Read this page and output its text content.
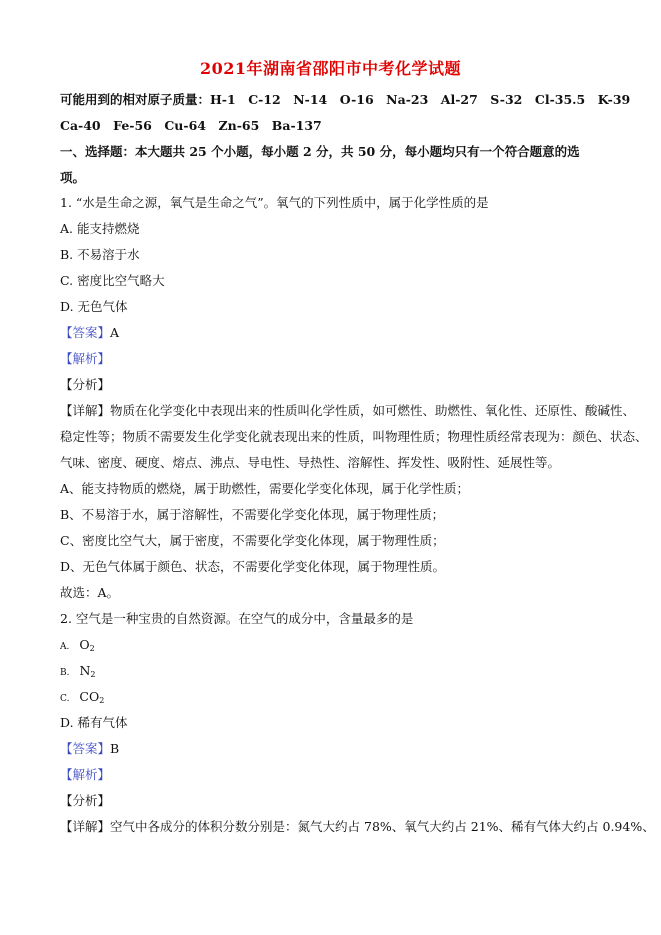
2021年湖南省邵阳市中考化学试题
可能用到的相对原子质量：H-1　C-12　N-14　O-16　Na-23　Al-27　S-32　Cl-35.5　K-39
Ca-40　Fe-56　Cu-64　Zn-65　Ba-137
一、选择题：本大题共 25 个小题，每小题 2 分，共 50 分，每小题均只有一个符合题意的选
项。
1. “水是生命之源，氧气是生命之气”。氧气的下列性质中，属于化学性质的是
A. 能支持燃烧
B. 不易溶于水
C. 密度比空气略大
D. 无色气体
【答案】A
【解析】
【分析】
【详解】物质在化学变化中表现出来的性质叫化学性质，如可燃性、助燃性、氧化性、还原性、酸碱性、
稳定性等；物质不需要发生化学变化就表现出来的性质，叫物理性质；物理性质经常表现为：颜色、状态、
气味、密度、硬度、熔点、沸点、导电性、导热性、溶解性、挥发性、吸附性、延展性等。
A、能支持物质的燃烧，属于助燃性，需要化学变化体现，属于化学性质；
B、不易溶于水，属于溶解性，不需要化学变化体现，属于物理性质；
C、密度比空气大，属于密度，不需要化学变化体现，属于物理性质；
D、无色气体属于颜色、状态，不需要化学变化体现，属于物理性质。
故选：A。
2. 空气是一种宝贵的自然资源。在空气的成分中，含量最多的是
A. $O_2$
B. $N_2$
C. $CO_2$
D. 稀有气体
【答案】B
【解析】
【分析】
【详解】空气中各成分的体积分数分别是：氮气大约占 78%、氧气大约占 21%、稀有气体大约占 0.94%、
